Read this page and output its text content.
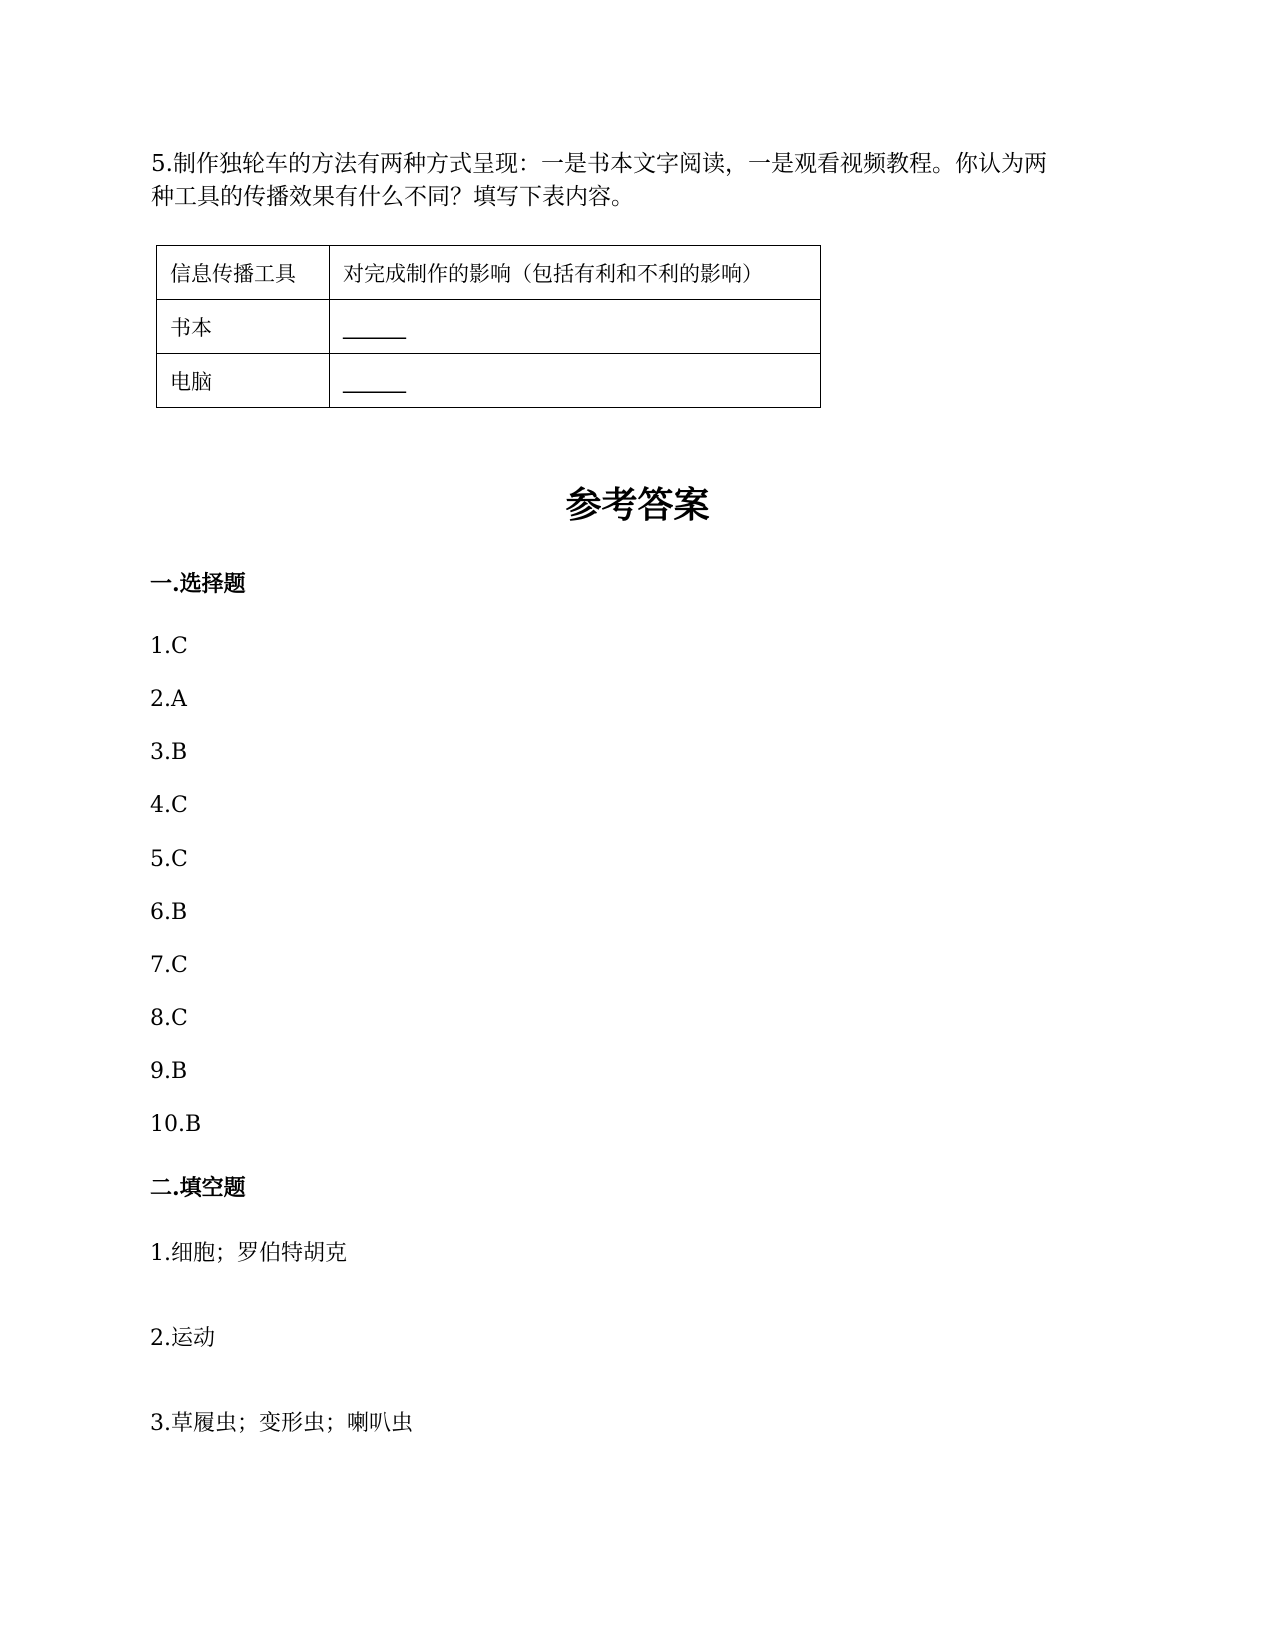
5.制作独轮车的方法有两种方式呈现：一是书本文字阅读，一是观看视频教程。你认为两

种工具的传播效果有什么不同？填写下表内容。

信息传播工具	对完成制作的影响（包括有利和不利的影响）
书本	______
电脑	______
参考答案
一.选择题
1.C
2.A
3.B
4.C
5.C
6.B
7.C
8.C
9.B
10.B
二.填空题
1.细胞；罗伯特胡克
2.运动
3.草履虫；变形虫；喇叭虫
